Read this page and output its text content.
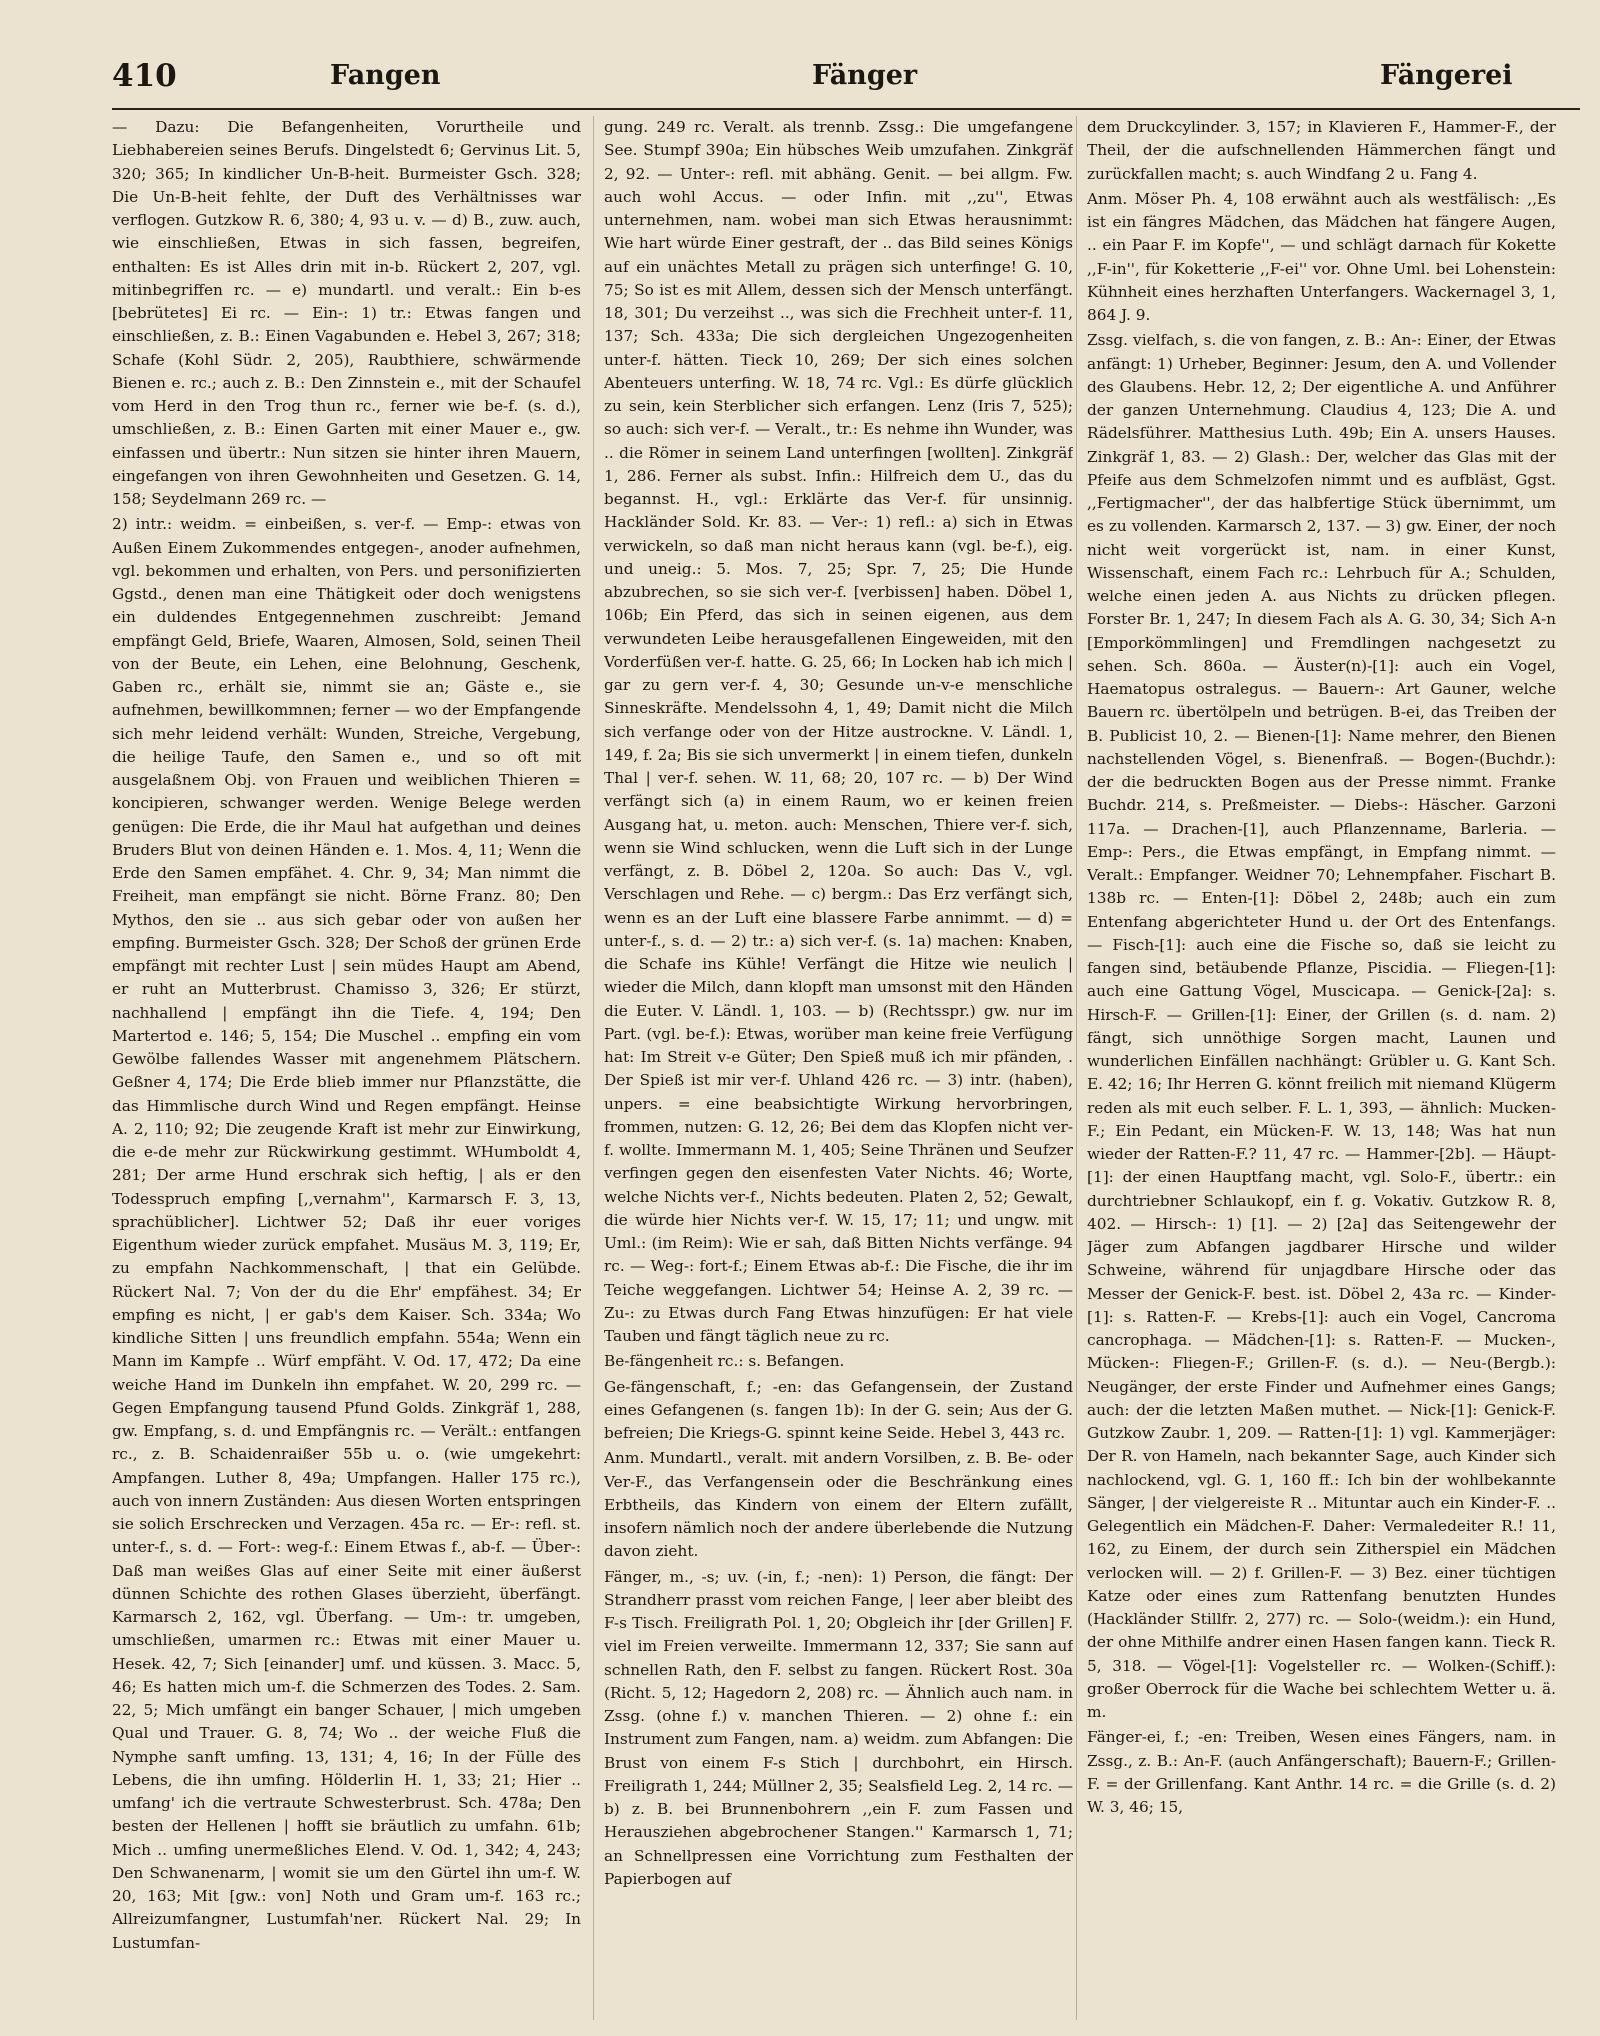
410	Fangen	Fänger	Fängerei

— Dazu: Die Befangenheiten, Vorurtheile und Liebhabereien seines Berufs. Dingelstedt 6; Gervinus Lit. 5, 320; 365; In kindlicher Un-B-heit. Burmeister Gsch. 328; Die Un-B-heit fehlte, der Duft des Verhältnisses war verflogen. Gutzkow R. 6, 380; 4, 93 u. v. — d) B., zuw. auch, wie einschließen, Etwas in sich fassen, begreifen, enthalten: Es ist Alles drin mit in-b. Rückert 2, 207, vgl. mitinbegriffen rc. — e) mundartl. und veralt.: Ein b-es [bebrütetes] Ei rc. — Ein-: 1) tr.: Etwas fangen und einschließen, z. B.: Einen Vagabunden e. Hebel 3, 267; 318; Schafe (Kohl Südr. 2, 205), Raubthiere, schwärmende Bienen e. rc.; auch z. B.: Den Zinnstein e., mit der Schaufel vom Herd in den Trog thun rc., ferner wie be-f. (s. d.), umschließen, z. B.: Einen Garten mit einer Mauer e., gw. einfassen und übertr.: Nun sitzen sie hinter ihren Mauern, eingefangen von ihren Gewohnheiten und Gesetzen. G. 14, 158; Seydelmann 269 rc. —

2) intr.: weidm. = einbeißen, s. ver-f. — Emp-: etwas von Außen Einem Zukommendes entgegen-, anoder aufnehmen, vgl. bekommen und erhalten, von Pers. und personifizierten Ggstd., denen man eine Thätigkeit oder doch wenigstens ein duldendes Entgegennehmen zuschreibt: Jemand empfängt Geld, Briefe, Waaren, Almosen, Sold, seinen Theil von der Beute, ein Lehen, eine Belohnung, Geschenk, Gaben rc., erhält sie, nimmt sie an; Gäste e., sie aufnehmen, bewillkommnen; ferner — wo der Empfangende sich mehr leidend verhält: Wunden, Streiche, Vergebung, die heilige Taufe, den Samen e., und so oft mit ausgelaßnem Obj. von Frauen und weiblichen Thieren = koncipieren, schwanger werden. Wenige Belege werden genügen: Die Erde, die ihr Maul hat aufgethan und deines Bruders Blut von deinen Händen e. 1. Mos. 4, 11; Wenn die Erde den Samen empfähet. 4. Chr. 9, 34; Man nimmt die Freiheit, man empfängt sie nicht. Börne Franz. 80; Den Mythos, den sie .. aus sich gebar oder von außen her empfing. Burmeister Gsch. 328; Der Schoß der grünen Erde empfängt mit rechter Lust | sein müdes Haupt am Abend, er ruht an Mutterbrust. Chamisso 3, 326; Er stürzt, nachhallend | empfängt ihn die Tiefe. 4, 194; Den Martertod e. 146; 5, 154; Die Muschel .. empfing ein vom Gewölbe fallendes Wasser mit angenehmem Plätschern. Geßner 4, 174; Die Erde blieb immer nur Pflanzstätte, die das Himmlische durch Wind und Regen empfängt. Heinse A. 2, 110; 92; Die zeugende Kraft ist mehr zur Einwirkung, die e-de mehr zur Rückwirkung gestimmt. WHumboldt 4, 281; Der arme Hund erschrak sich heftig, | als er den Todesspruch empfing [,,vernahm'', Karmarsch F. 3, 13, sprachüblicher]. Lichtwer 52; Daß ihr euer voriges Eigenthum wieder zurück empfahet. Musäus M. 3, 119; Er, zu empfahn Nachkommenschaft, | that ein Gelübde. Rückert Nal. 7; Von der du die Ehr' empfähest. 34; Er empfing es nicht, | er gab's dem Kaiser. Sch. 334a; Wo kindliche Sitten | uns freundlich empfahn. 554a; Wenn ein Mann im Kampfe .. Würf empfäht. V. Od. 17, 472; Da eine weiche Hand im Dunkeln ihn empfahet. W. 20, 299 rc. — Gegen Empfangung tausend Pfund Golds. Zinkgräf 1, 288, gw. Empfang, s. d. und Empfängnis rc. — Verält.: entfangen rc., z. B. Schaidenraißer 55b u. o. (wie umgekehrt: Ampfangen. Luther 8, 49a; Umpfangen. Haller 175 rc.), auch von innern Zuständen: Aus diesen Worten entspringen sie solich Erschrecken und Verzagen. 45a rc. — Er-: refl. st. unter-f., s. d. — Fort-: weg-f.: Einem Etwas f., ab-f. — Über-: Daß man weißes Glas auf einer Seite mit einer äußerst dünnen Schichte des rothen Glases überzieht, überfängt. Karmarsch 2, 162, vgl. Überfang. — Um-: tr. umgeben, umschließen, umarmen rc.: Etwas mit einer Mauer u. Hesek. 42, 7; Sich [einander] umf. und küssen. 3. Macc. 5, 46; Es hatten mich um-f. die Schmerzen des Todes. 2. Sam. 22, 5; Mich umfängt ein banger Schauer, | mich umgeben Qual und Trauer. G. 8, 74; Wo .. der weiche Fluß die Nymphe sanft umfing. 13, 131; 4, 16; In der Fülle des Lebens, die ihn umfing. Hölderlin H. 1, 33; 21; Hier .. umfang' ich die vertraute Schwesterbrust. Sch. 478a; Den besten der Hellenen | hofft sie bräutlich zu umfahn. 61b; Mich .. umfing unermeßliches Elend. V. Od. 1, 342; 4, 243; Den Schwanenarm, | womit sie um den Gürtel ihn um-f. W. 20, 163; Mit [gw.: von] Noth und Gram um-f. 163 rc.; Allreizumfangner, Lustumfah'ner. Rückert Nal. 29; In Lustumfan-

gung. 249 rc. Veralt. als trennb. Zssg.: Die umgefangene See. Stumpf 390a; Ein hübsches Weib umzufahen. Zinkgräf 2, 92. — Unter-: refl. mit abhäng. Genit. — bei allgm. Fw. auch wohl Accus. — oder Infin. mit ,,zu'', Etwas unternehmen, nam. wobei man sich Etwas herausnimmt: Wie hart würde Einer gestraft, der .. das Bild seines Königs auf ein unächtes Metall zu prägen sich unterfinge! G. 10, 75; So ist es mit Allem, dessen sich der Mensch unterfängt. 18, 301; Du verzeihst .., was sich die Frechheit unter-f. 11, 137; Sch. 433a; Die sich dergleichen Ungezogenheiten unter-f. hätten. Tieck 10, 269; Der sich eines solchen Abenteuers unterfing. W. 18, 74 rc. Vgl.: Es dürfe glücklich zu sein, kein Sterblicher sich erfangen. Lenz (Iris 7, 525); so auch: sich ver-f. — Veralt., tr.: Es nehme ihn Wunder, was .. die Römer in seinem Land unterfingen [wollten]. Zinkgräf 1, 286. Ferner als subst. Infin.: Hilfreich dem U., das du begannst. H., vgl.: Erklärte das Ver-f. für unsinnig. Hackländer Sold. Kr. 83. — Ver-: 1) refl.: a) sich in Etwas verwickeln, so daß man nicht heraus kann (vgl. be-f.), eig. und uneig.: 5. Mos. 7, 25; Spr. 7, 25; Die Hunde abzubrechen, so sie sich ver-f. [verbissen] haben. Döbel 1, 106b; Ein Pferd, das sich in seinen eigenen, aus dem verwundeten Leibe herausgefallenen Eingeweiden, mit den Vorderfüßen ver-f. hatte. G. 25, 66; In Locken hab ich mich | gar zu gern ver-f. 4, 30; Gesunde un-v-e menschliche Sinneskräfte. Mendelssohn 4, 1, 49; Damit nicht die Milch sich verfange oder von der Hitze austrockne. V. Ländl. 1, 149, f. 2a; Bis sie sich unvermerkt | in einem tiefen, dunkeln Thal | ver-f. sehen. W. 11, 68; 20, 107 rc. — b) Der Wind verfängt sich (a) in einem Raum, wo er keinen freien Ausgang hat, u. meton. auch: Menschen, Thiere ver-f. sich, wenn sie Wind schlucken, wenn die Luft sich in der Lunge verfängt, z. B. Döbel 2, 120a. So auch: Das V., vgl. Verschlagen und Rehe. — c) bergm.: Das Erz verfängt sich, wenn es an der Luft eine blassere Farbe annimmt. — d) = unter-f., s. d. — 2) tr.: a) sich ver-f. (s. 1a) machen: Knaben, die Schafe ins Kühle! Verfängt die Hitze wie neulich | wieder die Milch, dann klopft man umsonst mit den Händen die Euter. V. Ländl. 1, 103. — b) (Rechtsspr.) gw. nur im Part. (vgl. be-f.): Etwas, worüber man keine freie Verfügung hat: Im Streit v-e Güter; Den Spieß muß ich mir pfänden, . Der Spieß ist mir ver-f. Uhland 426 rc. — 3) intr. (haben), unpers. = eine beabsichtigte Wirkung hervorbringen, frommen, nutzen: G. 12, 26; Bei dem das Klopfen nicht ver-f. wollte. Immermann M. 1, 405; Seine Thränen und Seufzer verfingen gegen den eisenfesten Vater Nichts. 46; Worte, welche Nichts ver-f., Nichts bedeuten. Platen 2, 52; Gewalt, die würde hier Nichts ver-f. W. 15, 17; 11; und ungw. mit Uml.: (im Reim): Wie er sah, daß Bitten Nichts verfänge. 94 rc. — Weg-: fort-f.; Einem Etwas ab-f.: Die Fische, die ihr im Teiche weggefangen. Lichtwer 54; Heinse A. 2, 39 rc. — Zu-: zu Etwas durch Fang Etwas hinzufügen: Er hat viele Tauben und fängt täglich neue zu rc.

Be-fängenheit rc.: s. Befangen.

Ge-fängenschaft, f.; -en: das Gefangensein, der Zustand eines Gefangenen (s. fangen 1b): In der G. sein; Aus der G. befreien; Die Kriegs-G. spinnt keine Seide. Hebel 3, 443 rc.

Anm. Mundartl., veralt. mit andern Vorsilben, z. B. Be- oder Ver-F., das Verfangensein oder die Beschränkung eines Erbtheils, das Kindern von einem der Eltern zufällt, insofern nämlich noch der andere überlebende die Nutzung davon zieht.

Fänger, m., -s; uv. (-in, f.; -nen): 1) Person, die fängt: Der Strandherr prasst vom reichen Fange, | leer aber bleibt des F-s Tisch. Freiligrath Pol. 1, 20; Obgleich ihr [der Grillen] F. viel im Freien verweilte. Immermann 12, 337; Sie sann auf schnellen Rath, den F. selbst zu fangen. Rückert Rost. 30a (Richt. 5, 12; Hagedorn 2, 208) rc. — Ähnlich auch nam. in Zssg. (ohne f.) v. manchen Thieren. — 2) ohne f.: ein Instrument zum Fangen, nam. a) weidm. zum Abfangen: Die Brust von einem F-s Stich | durchbohrt, ein Hirsch. Freiligrath 1, 244; Müllner 2, 35; Sealsfield Leg. 2, 14 rc. — b) z. B. bei Brunnenbohrern ,,ein F. zum Fassen und Herausziehen abgebrochener Stangen.'' Karmarsch 1, 71; an Schnellpressen eine Vorrichtung zum Festhalten der Papierbogen auf

dem Druckcylinder. 3, 157; in Klavieren F., Hammer-F., der Theil, der die aufschnellenden Hämmerchen fängt und zurückfallen macht; s. auch Windfang 2 u. Fang 4.

Anm. Möser Ph. 4, 108 erwähnt auch als westfälisch: ,,Es ist ein fängres Mädchen, das Mädchen hat fängere Augen, .. ein Paar F. im Kopfe'', — und schlägt darnach für Kokette ,,F-in'', für Koketterie ,,F-ei'' vor. Ohne Uml. bei Lohenstein: Kühnheit eines herzhaften Unterfangers. Wackernagel 3, 1, 864 J. 9.

Zssg. vielfach, s. die von fangen, z. B.: An-: Einer, der Etwas anfängt: 1) Urheber, Beginner: Jesum, den A. und Vollender des Glaubens. Hebr. 12, 2; Der eigentliche A. und Anführer der ganzen Unternehmung. Claudius 4, 123; Die A. und Rädelsführer. Matthesius Luth. 49b; Ein A. unsers Hauses. Zinkgräf 1, 83. — 2) Glash.: Der, welcher das Glas mit der Pfeife aus dem Schmelzofen nimmt und es aufbläst, Ggst. ,,Fertigmacher'', der das halbfertige Stück übernimmt, um es zu vollenden. Karmarsch 2, 137. — 3) gw. Einer, der noch nicht weit vorgerückt ist, nam. in einer Kunst, Wissenschaft, einem Fach rc.: Lehrbuch für A.; Schulden, welche einen jeden A. aus Nichts zu drücken pflegen. Forster Br. 1, 247; In diesem Fach als A. G. 30, 34; Sich A-n [Emporkömmlingen] und Fremdlingen nachgesetzt zu sehen. Sch. 860a. — Äuster(n)-[1]: auch ein Vogel, Haematopus ostralegus. — Bauern-: Art Gauner, welche Bauern rc. übertölpeln und betrügen. B-ei, das Treiben der B. Publicist 10, 2. — Bienen-[1]: Name mehrer, den Bienen nachstellenden Vögel, s. Bienenfraß. — Bogen-(Buchdr.): der die bedruckten Bogen aus der Presse nimmt. Franke Buchdr. 214, s. Preßmeister. — Diebs-: Häscher. Garzoni 117a. — Drachen-[1], auch Pflanzenname, Barleria. — Emp-: Pers., die Etwas empfängt, in Empfang nimmt. — Veralt.: Empfanger. Weidner 70; Lehnempfaher. Fischart B. 138b rc. — Enten-[1]: Döbel 2, 248b; auch ein zum Entenfang abgerichteter Hund u. der Ort des Entenfangs. — Fisch-[1]: auch eine die Fische so, daß sie leicht zu fangen sind, betäubende Pflanze, Piscidia. — Fliegen-[1]: auch eine Gattung Vögel, Muscicapa. — Genick-[2a]: s. Hirsch-F. — Grillen-[1]: Einer, der Grillen (s. d. nam. 2) fängt, sich unnöthige Sorgen macht, Launen und wunderlichen Einfällen nachhängt: Grübler u. G. Kant Sch. E. 42; 16; Ihr Herren G. könnt freilich mit niemand Klügerm reden als mit euch selber. F. L. 1, 393, — ähnlich: Mucken-F.; Ein Pedant, ein Mücken-F. W. 13, 148; Was hat nun wieder der Ratten-F.? 11, 47 rc. — Hammer-[2b]. — Häupt-[1]: der einen Hauptfang macht, vgl. Solo-F., übertr.: ein durchtriebner Schlaukopf, ein f. g. Vokativ. Gutzkow R. 8, 402. — Hirsch-: 1) [1]. — 2) [2a] das Seitengewehr der Jäger zum Abfangen jagdbarer Hirsche und wilder Schweine, während für unjagdbare Hirsche oder das Messer der Genick-F. best. ist. Döbel 2, 43a rc. — Kinder-[1]: s. Ratten-F. — Krebs-[1]: auch ein Vogel, Cancroma cancrophaga. — Mädchen-[1]: s. Ratten-F. — Mucken-, Mücken-: Fliegen-F.; Grillen-F. (s. d.). — Neu-(Bergb.): Neugänger, der erste Finder und Aufnehmer eines Gangs; auch: der die letzten Maßen muthet. — Nick-[1]: Genick-F. Gutzkow Zaubr. 1, 209. — Ratten-[1]: 1) vgl. Kammerjäger: Der R. von Hameln, nach bekannter Sage, auch Kinder sich nachlockend, vgl. G. 1, 160 ff.: Ich bin der wohlbekannte Sänger, | der vielgereiste R .. Mituntar auch ein Kinder-F. .. Gelegentlich ein Mädchen-F. Daher: Vermaledeiter R.! 11, 162, zu Einem, der durch sein Zitherspiel ein Mädchen verlocken will. — 2) f. Grillen-F. — 3) Bez. einer tüchtigen Katze oder eines zum Rattenfang benutzten Hundes (Hackländer Stillfr. 2, 277) rc. — Solo-(weidm.): ein Hund, der ohne Mithilfe andrer einen Hasen fangen kann. Tieck R. 5, 318. — Vögel-[1]: Vogelsteller rc. — Wolken-(Schiff.): großer Oberrock für die Wache bei schlechtem Wetter u. ä. m.

Fänger-ei, f.; -en: Treiben, Wesen eines Fängers, nam. in Zssg., z. B.: An-F. (auch Anfängerschaft); Bauern-F.; Grillen-F. = der Grillenfang. Kant Anthr. 14 rc. = die Grille (s. d. 2) W. 3, 46; 15,
